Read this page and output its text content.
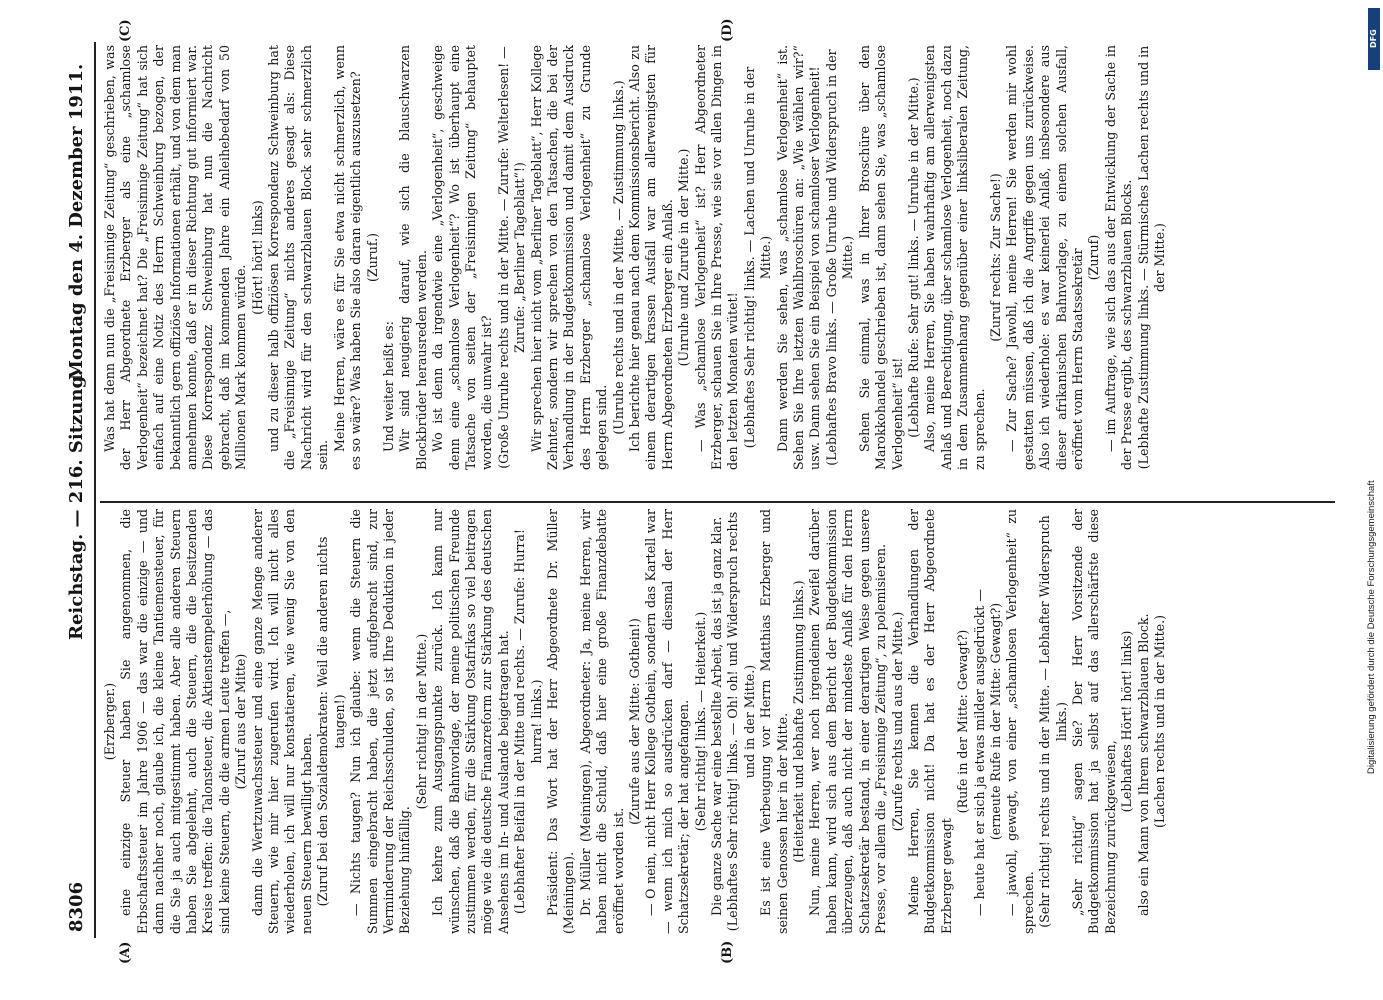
8306
Reichstag. — 216. Sitzung.
Montag den 4. Dezember 1911.
(A)	(B)
(C)	(D)

(Erzberger.) eine einzige Steuer haben Sie angenommen, die Erbschaftssteuer im Jahre 1906 — das war die einzige — und dann nachher noch, glaube ich, die kleine Tantiemensteuer, für die Sie ja auch mitgestimmt haben. Aber alle anderen Steuern haben Sie abgelehnt, auch die Steuern, die die besitzenden Kreise treffen: die Talonsteuer, die Aktienstempelerhöhung — das sind keine Steuern, die die armen Leute treffen —, (Zuruf aus der Mitte) dann die Wertzuwachssteuer und eine ganze Menge anderer Steuern, wie mir hier zugerufen wird. Ich will nicht alles wiederholen, ich will nur konstatieren, wie wenig Sie von den neuen Steuern bewilligt haben. (Zuruf bei den Sozialdemokraten: Weil die anderen nichts taugen!) — Nichts taugen? Nun ich glaube: wenn die Steuern die Summen eingebracht haben, die jetzt aufgebracht sind, zur Verminderung der Reichsschulden, so ist Ihre Deduktion in jeder Beziehung hinfällig.

(Sehr richtig! in der Mitte.) Ich kehre zum Ausgangspunkte zurück. Ich kann nur wünschen, daß die Bahnvorlage, der meine politischen Freunde zustimmen werden, für die Stärkung Ostafrikas so viel beitragen möge wie die deutsche Finanzreform zur Stärkung des deutschen Ansehens im In- und Auslande beigetragen hat. (Lebhafter Beifall in der Mitte und rechts. — Zurufe: Hurra! hurra! links.) Präsident: Das Wort hat der Herr Abgeordnete Dr. Müller (Meiningen). Dr. Müller (Meiningen), Abgeordneter: Ja, meine Herren, wir haben nicht die Schuld, daß hier eine große Finanzdebatte eröffnet worden ist.

(Zurufe aus der Mitte: Gothein!) — O nein, nicht Herr Kollege Gothein, sondern das Kartell war — wenn ich mich so ausdrücken darf — diesmal der Herr Schatzsekretär; der hat angefangen. (Sehr richtig! links. — Heiterkeit.) Die ganze Sache war eine bestellte Arbeit, das ist ja ganz klar. (Lebhaftes Sehr richtig! links. — Oh! oh! und Widerspruch rechts und in der Mitte.) Es ist eine Verbeugung vor Herrn Matthias Erzberger und seinen Genossen hier in der Mitte. (Heiterkeit und lebhafte Zustimmung links.) Nun, meine Herren, wer noch irgendeinen Zweifel darüber haben kann, wird sich aus dem Bericht der Budgetkommission überzeugen, daß auch nicht der mindeste Anlaß für den Herrn Schatzsekretär bestand, in einer derartigen Weise gegen unsere Presse, vor allem die „Freisinnige Zeitung“, zu polemisieren. (Zurufe rechts und aus der Mitte.) Meine Herren, Sie kennen die Verhandlungen der Budgetkommission nicht! Da hat es der Herr Abgeordnete Erzberger gewagt

(Rufe in der Mitte: Gewagt?) — heute hat er sich ja etwas milder ausgedrückt — (erneute Rufe in der Mitte: Gewagt?) — jawohl, gewagt, von einer „schamlosen Verlogenheit“ zu sprechen. (Sehr richtig! rechts und in der Mitte. — Lebhafter Widerspruch links.) „Sehr richtig“ sagen Sie? Der Herr Vorsitzende der Budgetkommission hat ja selbst auf das allerschärfste diese Bezeichnung zurückgewiesen,

(Lebhaftes Hört! hört! links) also ein Mann von Ihrem schwarzblauen Block. (Lachen rechts und in der Mitte.)

Was hat denn nun die „Freisinnige Zeitung“ geschrieben, was der Herr Abgeordnete Erzberger als eine „schamlose Verlogenheit“ bezeichnet hat? Die „Freisinnige Zeitung“ hat sich einfach auf eine Notiz des Herrn Schweinburg bezogen, der bekanntlich gern offiziöse Informationen erhält, und von dem man annehmen konnte, daß er in dieser Richtung gut informiert war. Diese Korrespondenz Schweinburg hat nun die Nachricht gebracht, daß im kommenden Jahre ein Anleihebedarf von 50 Millionen Mark kommen würde.

(Hört! hört! links) und zu dieser halb offiziösen Korrespondenz Schweinburg hat die „Freisinnige Zeitung“ nichts anderes gesagt als: Diese Nachricht wird für den schwarzblauen Block sehr schmerzlich sein.

Meine Herren, wäre es für Sie etwa nicht schmerzlich, wenn es so wäre? Was haben Sie also daran eigentlich auszusetzen? (Zuruf.)

Und weiter heißt es: Wir sind neugierig darauf, wie sich die blauschwarzen Blockbrüder herausreden werden. Wo ist denn da irgendwie eine „Verlogenheit“, geschweige denn eine „schamlose Verlogenheit“? Wo ist überhaupt eine Tatsache von seiten der „Freisinnigen Zeitung“ behauptet worden, die unwahr ist? (Große Unruhe rechts und in der Mitte. — Zurufe: Welterlesen! — Zurufe: „Berliner Tageblatt“!) Wir sprechen hier nicht vom „Berliner Tageblatt“, Herr Kollege Zehnter, sondern wir sprechen von den Tatsachen, die bei der Verhandlung in der Budgetkommission und damit dem Ausdruck des Herrn Erzberger „schamlose Verlogenheit“ zu Grunde gelegen sind. (Unruhe rechts und in der Mitte. — Zustimmung links.) Ich berichte hier genau nach dem Kommissionsbericht. Also zu einem derartigen krassen Ausfall war am allerwenigsten für Herrn Abgeordneten Erzberger ein Anlaß. (Unruhe und Zurufe in der Mitte.) — Was „schamlose Verlogenheit“ ist? Herr Abgeordneter Erzberger, schauen Sie in Ihre Presse, wie sie vor allen Dingen in den letzten Monaten wütet! (Lebhaftes Sehr richtig! links. — Lachen und Unruhe in der Mitte.) Dann werden Sie sehen, was „schamlose Verlogenheit“ ist. Sehen Sie Ihre letzten Wahlbroschüren an: „Wie wählen wir?“ usw. Dann sehen Sie ein Beispiel von schamloser Verlogenheit! (Lebhaftes Bravo links. — Große Unruhe und Widerspruch in der Mitte.) Sehen Sie einmal, was in Ihrer Broschüre über den Marokkohandel geschrieben ist, dann sehen Sie, was „schamlose Verlogenheit“ ist! (Lebhafte Rufe: Sehr gut! links. — Unruhe in der Mitte.) Also, meine Herren, Sie haben wahrhaftig am allerwenigsten Anlaß und Berechtigung, über schamlose Verlogenheit, noch dazu in dem Zusammenhang gegenüber einer linksliberalen Zeitung, zu sprechen.

(Zuruf rechts: Zur Sache!) — Zur Sache? Jawohl, meine Herren! Sie werden mir wohl gestatten müssen, daß ich die Angriffe gegen uns zurückweise. Also ich wiederhole: es war keinerlei Anlaß, insbesondere aus dieser afrikanischen Bahnvorlage, zu einem solchen Ausfall, eröffnet vom Herrn Staatssekretär (Zuruf) — im Auftrage, wie sich das aus der Entwicklung der Sache in der Presse ergibt, des schwarzblauen Blocks. (Lebhafte Zustimmung links. — Stürmisches Lachen rechts und in der Mitte.)

DFG
Digitalisierung gefördert durch die Deutsche Forschungsgemeinschaft
